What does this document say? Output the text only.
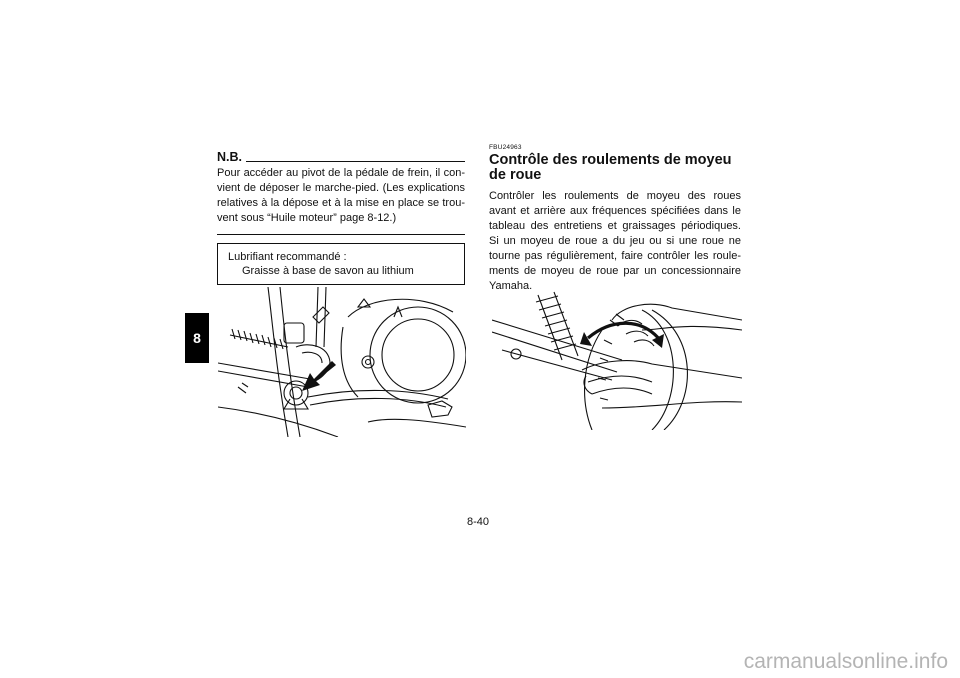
8
N.B.
Pour accéder au pivot de la pédale de frein, il con-vient de déposer le marche-pied. (Les explications relatives à la dépose et à la mise en place se trou-vent sous “Huile moteur” page 8-12.)
Lubrifiant recommandé :
Graisse à base de savon au lithium
FBU24963
Contrôle des roulements de moyeu de roue
Contrôler les roulements de moyeu des roues avant et arrière aux fréquences spécifiées dans le tableau des entretiens et graissages périodiques. Si un moyeu de roue a du jeu ou si une roue ne tourne pas régulièrement, faire contrôler les roule-ments de moyeu de roue par un concessionnaire Yamaha.
8-40
carmanualsonline.info
